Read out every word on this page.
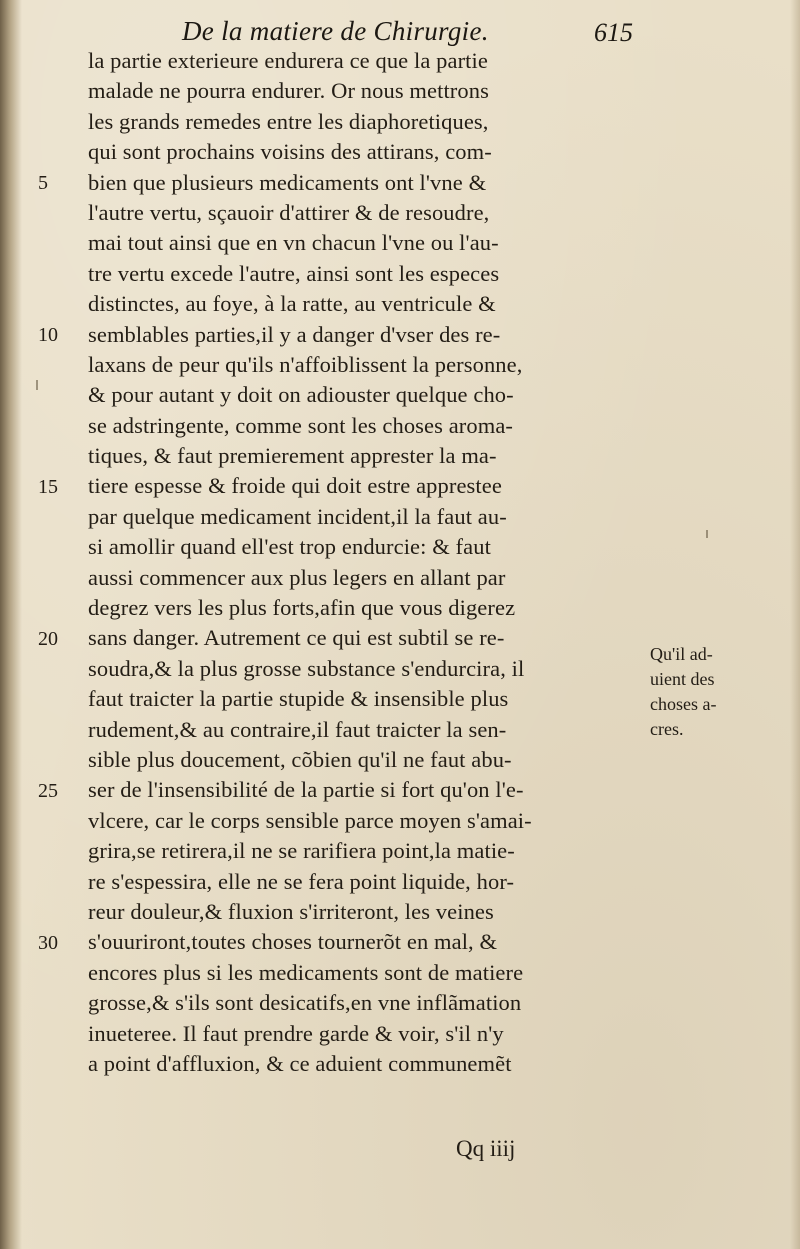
De la matiere de Chirurgie.	615
5
10
15
20
25
30
la partie exterieure endurera ce que la partie
malade ne pourra endurer. Or nous mettrons
les grands remedes entre les diaphoretiques,
qui sont prochains voisins des attirans, com-
bien que plusieurs medicaments ont l'vne &
l'autre vertu, sçauoir d'attirer & de resoudre,
mai tout ainsi que en vn chacun l'vne ou l'au-
tre vertu excede l'autre, ainsi sont les especes
distinctes, au foye, à la ratte, au ventricule &
semblables parties,il y a danger d'vser des re-
laxans de peur qu'ils n'affoiblissent la personne,
& pour autant y doit on adiouster quelque cho-
se adstringente, comme sont les choses aroma-
tiques, & faut premierement apprester la ma-
tiere espesse & froide qui doit estre apprestee
par quelque medicament incident,il la faut au-
si amollir quand ell'est trop endurcie: & faut
aussi commencer aux plus legers en allant par
degrez vers les plus forts,afin que vous digerez
sans danger. Autrement ce qui est subtil se re-
soudra,& la plus grosse substance s'endurcira, il
faut traicter la partie stupide & insensible plus
rudement,& au contraire,il faut traicter la sen-
sible plus doucement, cõbien qu'il ne faut abu-
ser de l'insensibilité de la partie si fort qu'on l'e-
vlcere, car le corps sensible parce moyen s'amai-
grira,se retirera,il ne se rarifiera point,la matie-
re s'espessira, elle ne se fera point liquide, hor-
reur douleur,& fluxion s'irriteront, les veines
s'ouuriront,toutes choses tournerõt en mal, &
encores plus si les medicaments sont de matiere
grosse,& s'ils sont desicatifs,en vne inflãmation
inueteree. Il faut prendre garde & voir, s'il n'y
a point d'affluxion, & ce aduient communemẽt
Qu'il ad-
uient des
choses a-
cres.
Qq iiij
